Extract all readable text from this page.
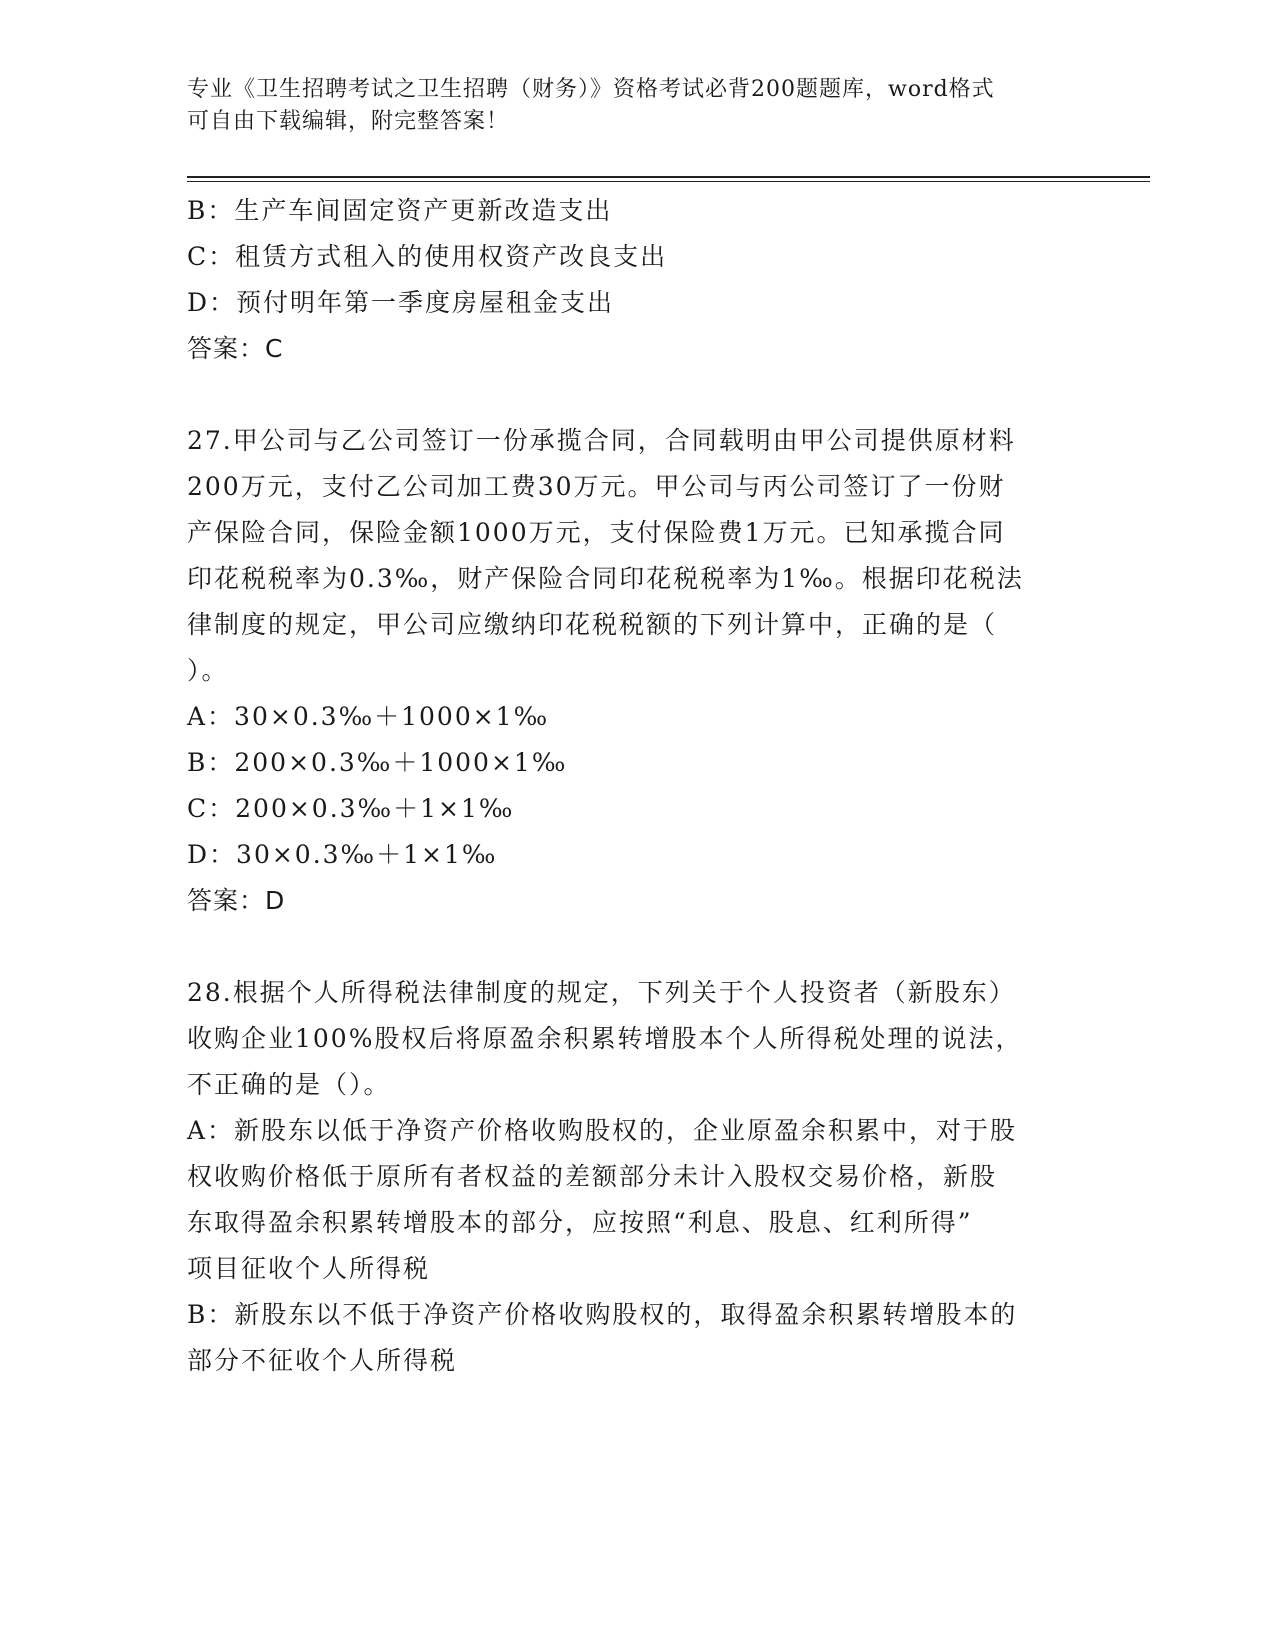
专业《卫生招聘考试之卫生招聘（财务）》资格考试必背200题题库，word格式
可自由下载编辑，附完整答案！
B：生产车间固定资产更新改造支出
C：租赁方式租入的使用权资产改良支出
D：预付明年第一季度房屋租金支出
答案：C
27.甲公司与乙公司签订一份承揽合同，合同载明由甲公司提供原材料
200万元，支付乙公司加工费30万元。甲公司与丙公司签订了一份财
产保险合同，保险金额1000万元，支付保险费1万元。已知承揽合同
印花税税率为0.3‰，财产保险合同印花税税率为1‰。根据印花税法
律制度的规定，甲公司应缴纳印花税税额的下列计算中，正确的是（
）。
A：30×0.3‰＋1000×1‰
B：200×0.3‰＋1000×1‰
C：200×0.3‰＋1×1‰
D：30×0.3‰＋1×1‰
答案：D
28.根据个人所得税法律制度的规定，下列关于个人投资者（新股东）
收购企业100%股权后将原盈余积累转增股本个人所得税处理的说法，
不正确的是（）。
A：新股东以低于净资产价格收购股权的，企业原盈余积累中，对于股
权收购价格低于原所有者权益的差额部分未计入股权交易价格，新股
东取得盈余积累转增股本的部分，应按照“利息、股息、红利所得”
项目征收个人所得税
B：新股东以不低于净资产价格收购股权的，取得盈余积累转增股本的
部分不征收个人所得税
